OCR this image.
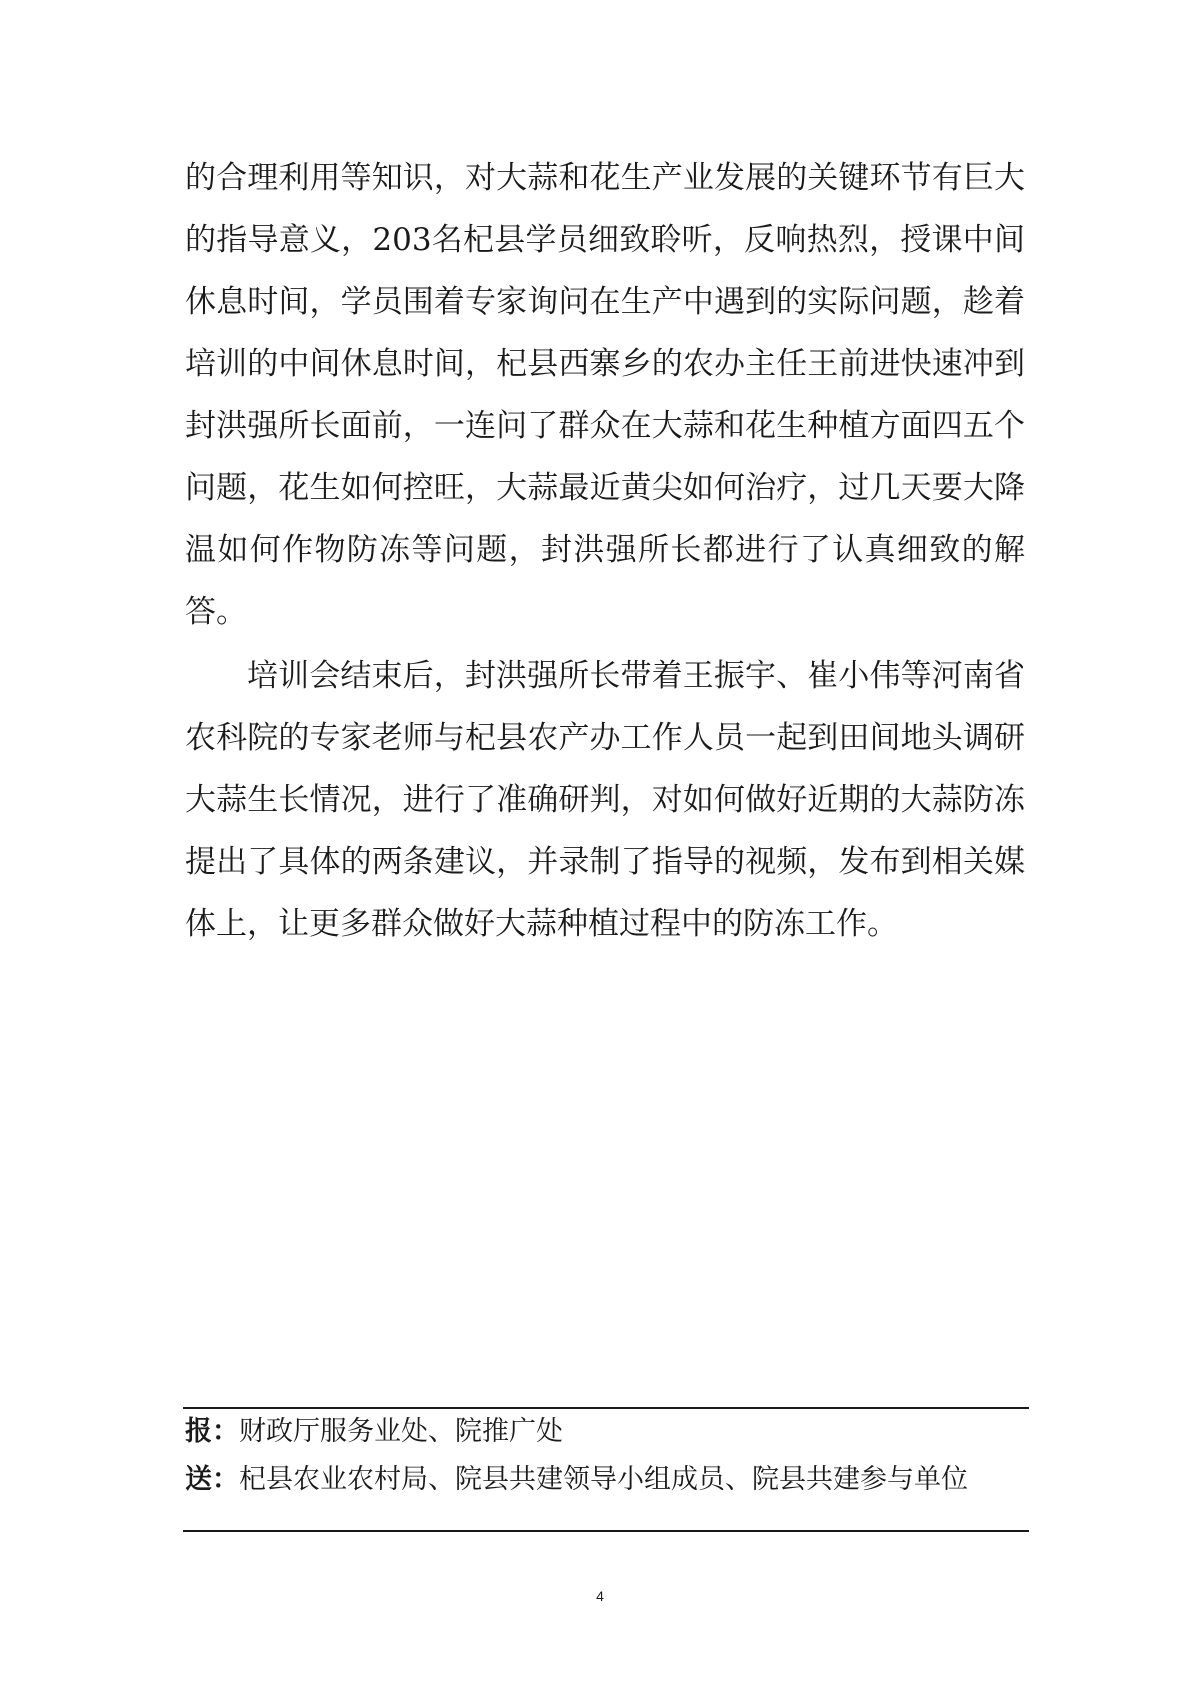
的合理利用等知识，对大蒜和花生产业发展的关键环节有巨大的指导意义，203名杞县学员细致聆听，反响热烈，授课中间休息时间，学员围着专家询问在生产中遇到的实际问题，趁着培训的中间休息时间，杞县西寨乡的农办主任王前进快速冲到封洪强所长面前，一连问了群众在大蒜和花生种植方面四五个问题，花生如何控旺，大蒜最近黄尖如何治疗，过几天要大降温如何作物防冻等问题，封洪强所长都进行了认真细致的解答。

培训会结束后，封洪强所长带着王振宇、崔小伟等河南省农科院的专家老师与杞县农产办工作人员一起到田间地头调研大蒜生长情况，进行了准确研判，对如何做好近期的大蒜防冻提出了具体的两条建议，并录制了指导的视频，发布到相关媒体上，让更多群众做好大蒜种植过程中的防冻工作。

报：财政厅服务业处、院推广处
送：杞县农业农村局、院县共建领导小组成员、院县共建参与单位
4
